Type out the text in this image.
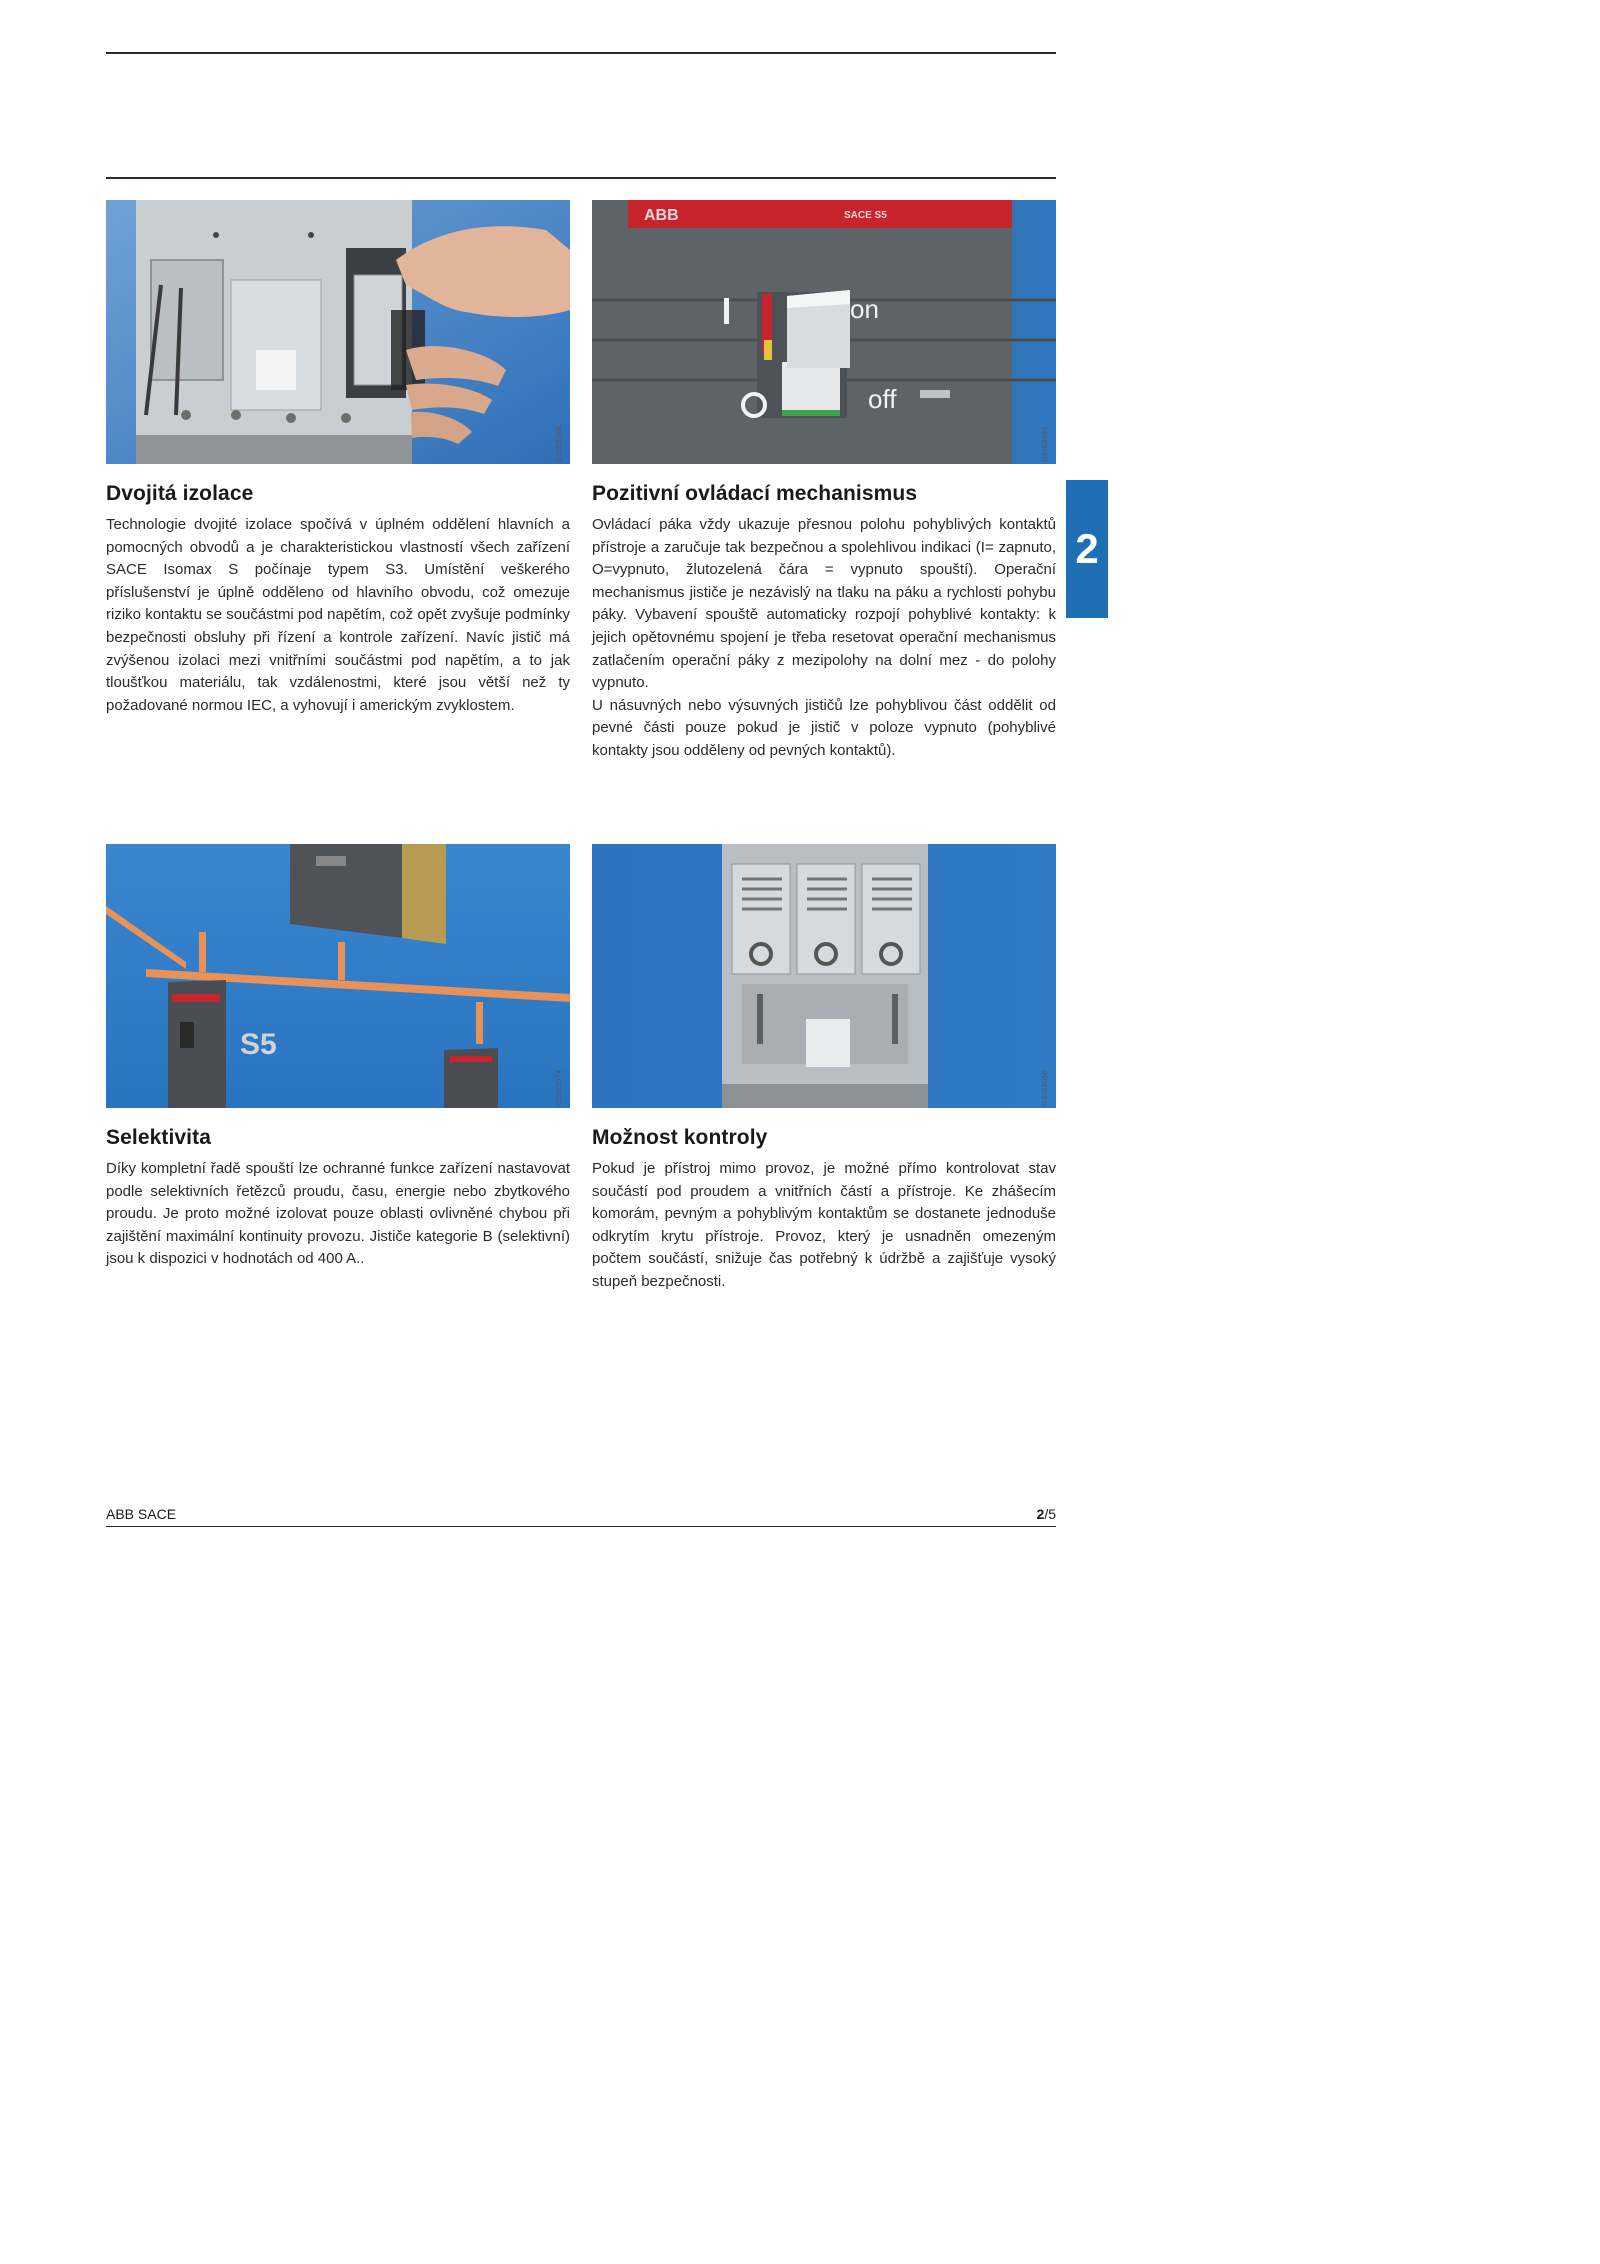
GSIS9048
ABB	SACE S5
on
off
GSIS9051
Dvojitá izolace

Technologie dvojité izolace spočívá v úplném oddělení hlavních a pomocných obvodů a je charakteristickou vlastností všech zařízení SACE Isomax S počínaje typem S3. Umístění veškerého příslušenství je úplně odděleno od hlavního obvodu, což omezuje riziko kontaktu se součástmi pod napětím, což opět zvyšuje podmínky bezpečnosti obsluhy při řízení a kontrole zařízení. Navíc jistič má zvýšenou izolaci mezi vnitřními součástmi pod napětím, a to jak tloušťkou materiálu, tak vzdálenostmi, které jsou větší než ty požadované normou IEC, a vyhovují i americkým zvyklostem.

Pozitivní ovládací mechanismus

Ovládací páka vždy ukazuje přesnou polohu pohyblivých kontaktů přístroje a zaručuje tak bezpečnou a spolehlivou indikaci (I= zapnuto, O=vypnuto, žlutozelená čára = vypnuto spouští). Operační mechanismus jističe je nezávislý na tlaku na páku a rychlosti pohybu páky. Vybavení spouště automaticky rozpojí pohyblivé kontakty: k jejich opětovnému spojení je třeba resetovat operační mechanismus zatlačením operační páky z mezipolohy na dolní mez - do polohy vypnuto.
U násuvných nebo výsuvných jističů lze pohyblivou část oddělit od pevné části pouze pokud je jistič v poloze vypnuto (pohyblivé kontakty jsou odděleny od pevných kontaktů).

2
S5
GSIS0074	GSIS9050
Selektivita

Díky kompletní řadě spouští lze ochranné funkce zařízení nastavovat podle selektivních řetězců proudu, času, energie nebo zbytkového proudu. Je proto možné izolovat pouze oblasti ovlivněné chybou při zajištění maximální kontinuity provozu. Jističe kategorie B (selektivní) jsou k dispozici v hodnotách od 400 A..

Možnost kontroly

Pokud je přístroj mimo provoz, je možné přímo kontrolovat stav součástí pod proudem a vnitřních částí a přístroje. Ke zhášecím komorám, pevným a pohyblivým kontaktům se dostanete jednoduše odkrytím krytu přístroje. Provoz, který je usnadněn omezeným počtem součástí, snižuje čas potřebný k údržbě a zajišťuje vysoký stupeň bezpečnosti.

ABB SACE	2/5
